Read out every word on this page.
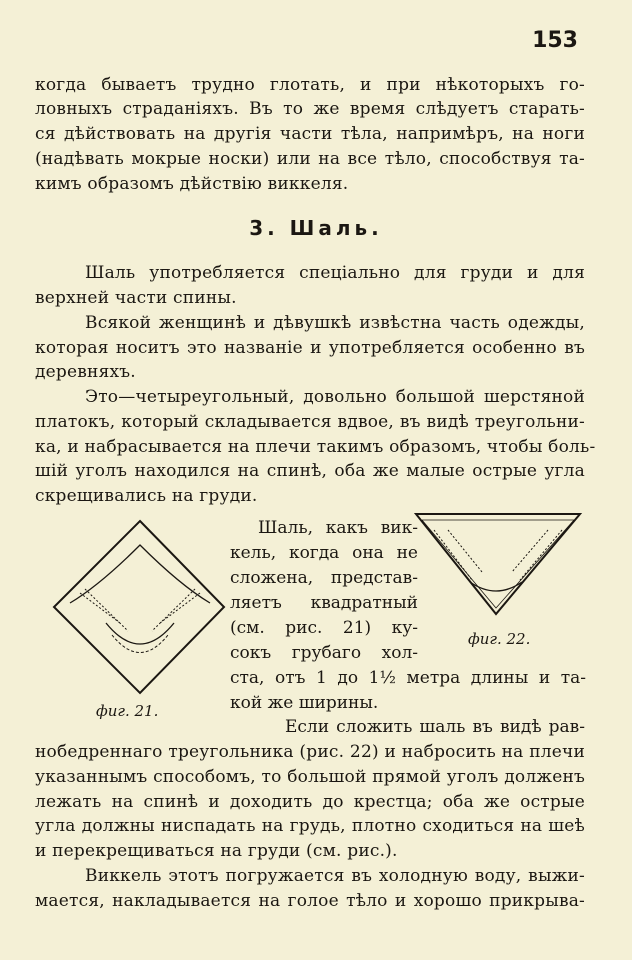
153
когда бываетъ трудно глотать, и при нѣкоторыхъ го-
ловныхъ страданіяхъ. Въ то же время слѣдуетъ старать-
ся дѣйствовать на другія части тѣла, напримѣръ, на ноги
(надѣвать мокрые носки) или на все тѣло, способствуя та-
кимъ образомъ дѣйствію виккеля.
3. Шаль.
Шаль употребляется спеціально для груди и для
верхней части спины.
Всякой женщинѣ и дѣвушкѣ извѣстна часть одежды,
которая носитъ это названіе и употребляется особенно въ
деревняхъ.
Это—четыреугольный, довольно большой шерстяной
платокъ, который складывается вдвое, въ видѣ треугольни-
ка, и набрасывается на плечи такимъ образомъ, чтобы боль-
шій уголъ находился на спинѣ, оба же малые острые угла
скрещивались на груди.
фиг. 21.
фиг. 22.
Шаль, какъ вик-
кель, когда она не
сложена, представ-
ляетъ квадратный
(см. рис. 21) ку-
сокъ грубаго хол-
ста, отъ 1 до 1½ метра длины и та-
кой же ширины.
Если сложить шаль въ видѣ рав-
нобедреннаго треугольника (рис. 22) и набросить на плечи
указаннымъ способомъ, то большой прямой уголъ долженъ
лежать на спинѣ и доходить до крестца; оба же острые
угла должны ниспадать на грудь, плотно сходиться на шеѣ
и перекрещиваться на груди (см. рис.).
Виккель этотъ погружается въ холодную воду, выжи-
мается, накладывается на голое тѣло и хорошо прикрыва-
